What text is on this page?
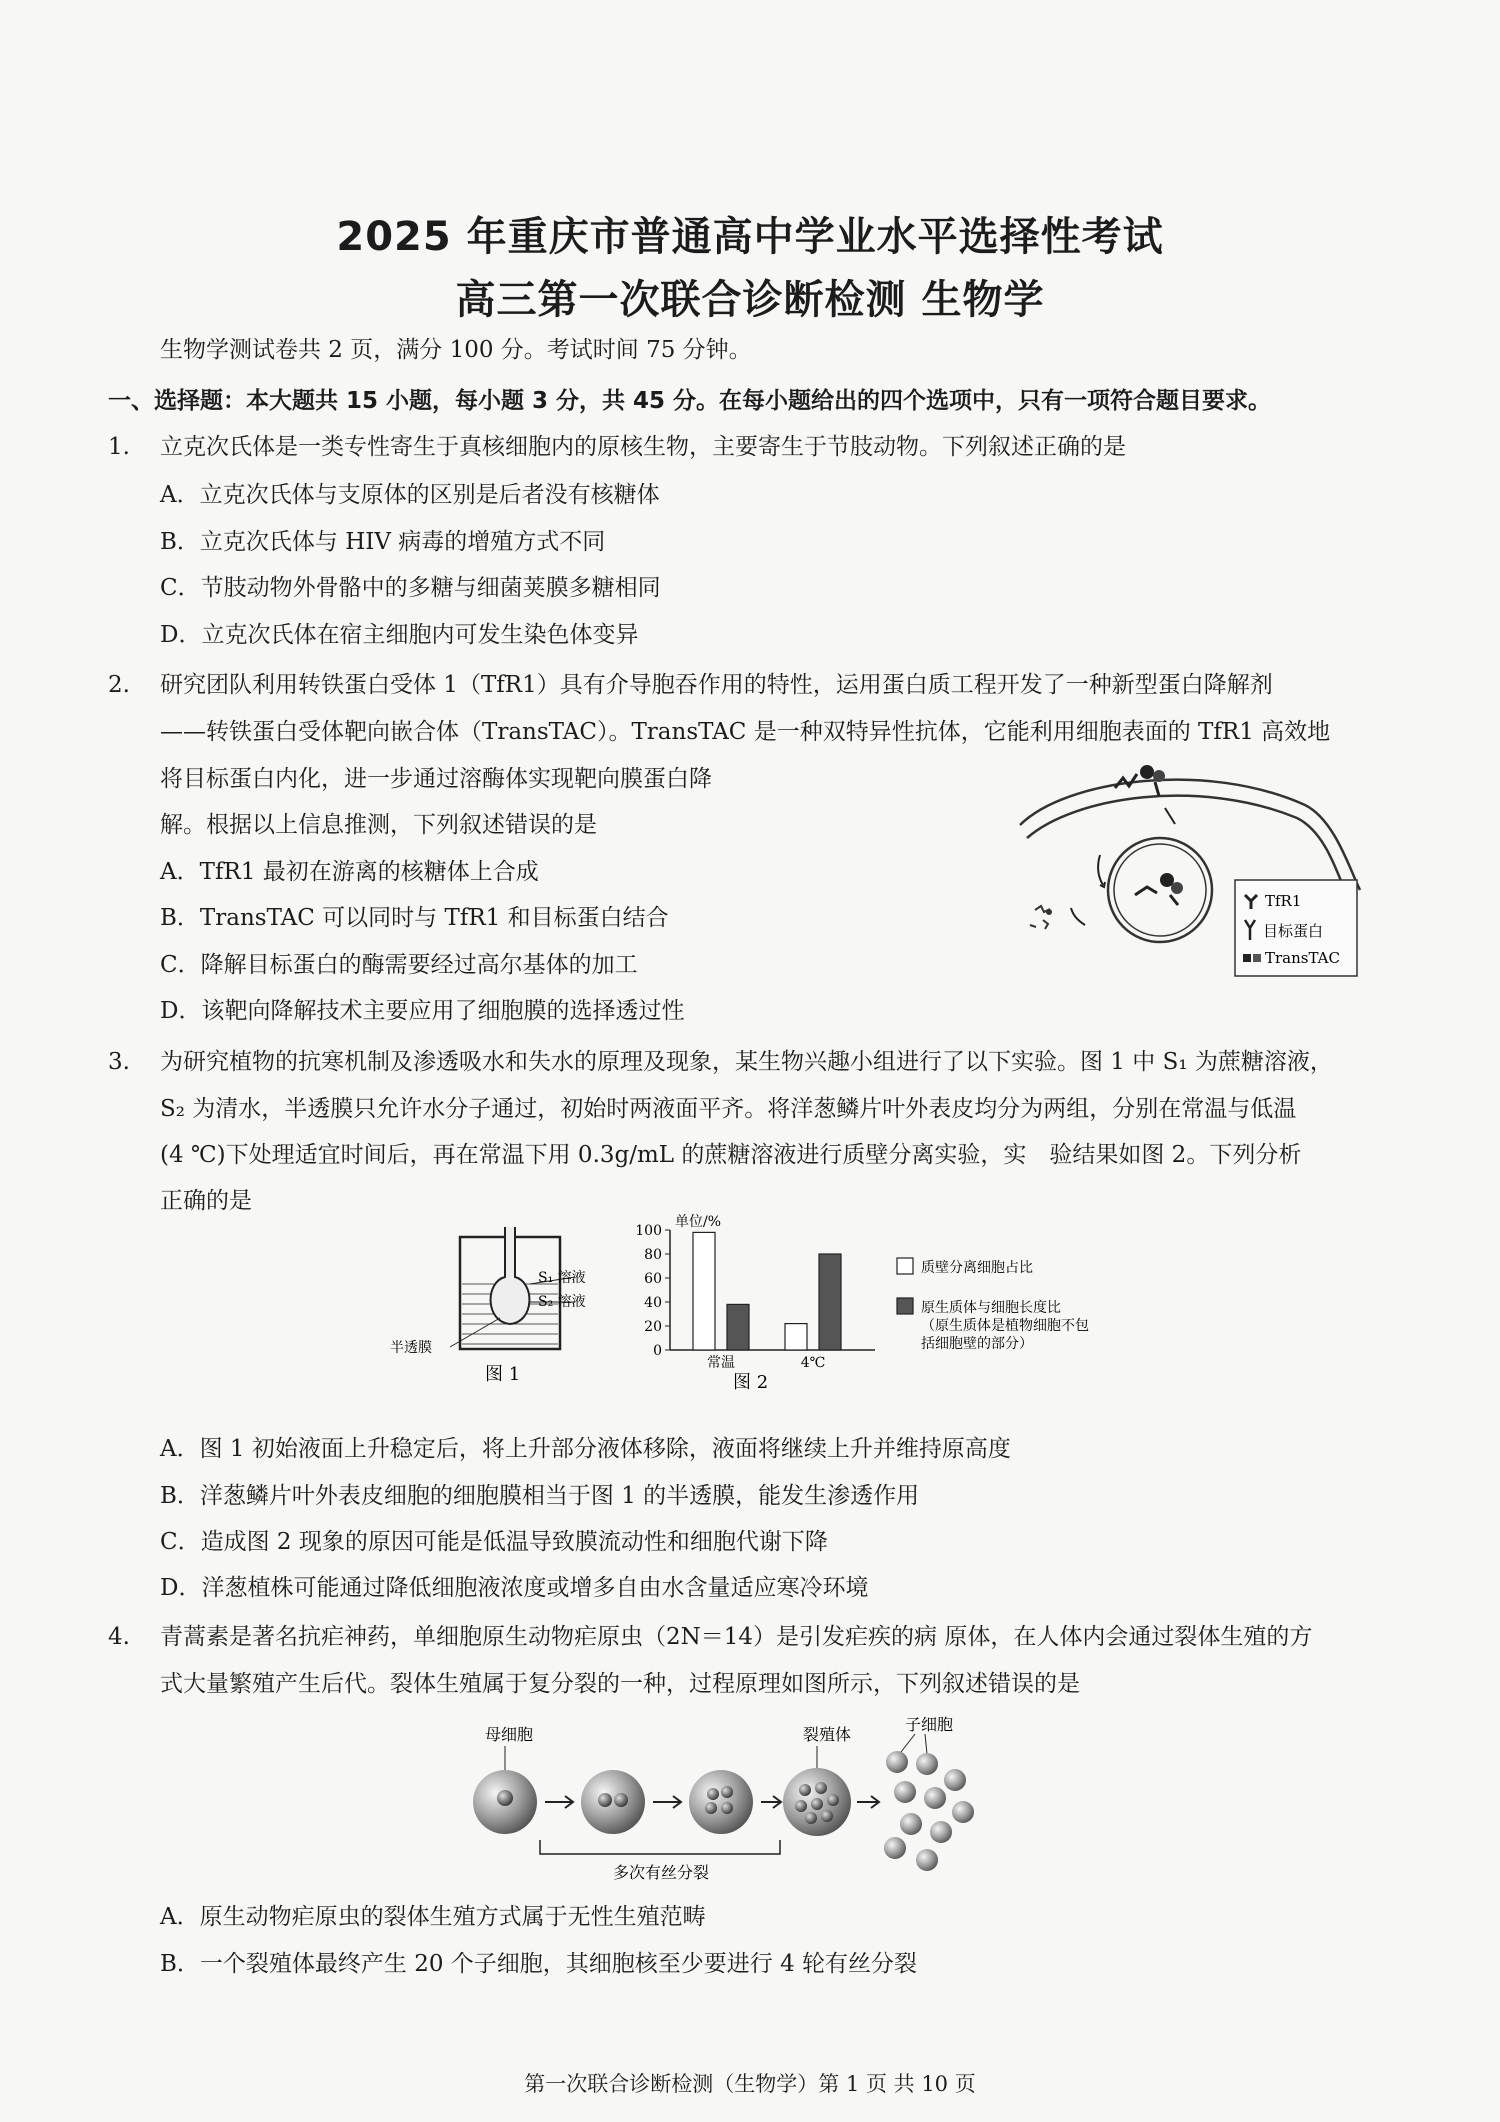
2025 年重庆市普通高中学业水平选择性考试
高三第一次联合诊断检测 生物学
生物学测试卷共 2 页，满分 100 分。考试时间 75 分钟。
一、选择题：本大题共 15 小题，每小题 3 分，共 45 分。在每小题给出的四个选项中，只有一项符合题目要求。
1. 立克次氏体是一类专性寄生于真核细胞内的原核生物，主要寄生于节肢动物。下列叙述正确的是
A．立克次氏体与支原体的区别是后者没有核糖体
B．立克次氏体与 HIV 病毒的增殖方式不同
C．节肢动物外骨骼中的多糖与细菌荚膜多糖相同
D．立克次氏体在宿主细胞内可发生染色体变异
2. 研究团队利用转铁蛋白受体 1（TfR1）具有介导胞吞作用的特性，运用蛋白质工程开发了一种新型蛋白降解剂
——转铁蛋白受体靶向嵌合体（TransTAC）。TransTAC 是一种双特异性抗体，它能利用细胞表面的 TfR1 高效地
将目标蛋白内化，进一步通过溶酶体实现靶向膜蛋白降
解。根据以上信息推测，下列叙述错误的是
A．TfR1 最初在游离的核糖体上合成
B．TransTAC 可以同时与 TfR1 和目标蛋白结合
C．降解目标蛋白的酶需要经过高尔基体的加工
D．该靶向降解技术主要应用了细胞膜的选择透过性
TfR1
目标蛋白
TransTAC
3. 为研究植物的抗寒机制及渗透吸水和失水的原理及现象，某生物兴趣小组进行了以下实验。图 1 中 S₁ 为蔗糖溶液，
S₂ 为清水，半透膜只允许水分子通过，初始时两液面平齐。将洋葱鳞片叶外表皮均分为两组，分别在常温与低温
(4 ℃)下处理适宜时间后，再在常温下用 0.3g/mL 的蔗糖溶液进行质壁分离实验，实　验结果如图 2。下列分析
正确的是
S₁ 溶液
S₂ 溶液
半透膜
图 1
单位/%
0
20
40
60
80
100
常温	4℃
质壁分离细胞占比
原生质体与细胞长度比
（原生质体是植物细胞不包
括细胞壁的部分）
图 2
A．图 1 初始液面上升稳定后，将上升部分液体移除，液面将继续上升并维持原高度
B．洋葱鳞片叶外表皮细胞的细胞膜相当于图 1 的半透膜，能发生渗透作用
C．造成图 2 现象的原因可能是低温导致膜流动性和细胞代谢下降
D．洋葱植株可能通过降低细胞液浓度或增多自由水含量适应寒冷环境
4. 青蒿素是著名抗疟神药，单细胞原生动物疟原虫（2N＝14）是引发疟疾的病 原体，在人体内会通过裂体生殖的方
式大量繁殖产生后代。裂体生殖属于复分裂的一种，过程原理如图所示，下列叙述错误的是
母细胞	裂殖体
子细胞
多次有丝分裂
A．原生动物疟原虫的裂体生殖方式属于无性生殖范畴
B．一个裂殖体最终产生 20 个子细胞，其细胞核至少要进行 4 轮有丝分裂
第一次联合诊断检测（生物学）第 1 页 共 10 页
